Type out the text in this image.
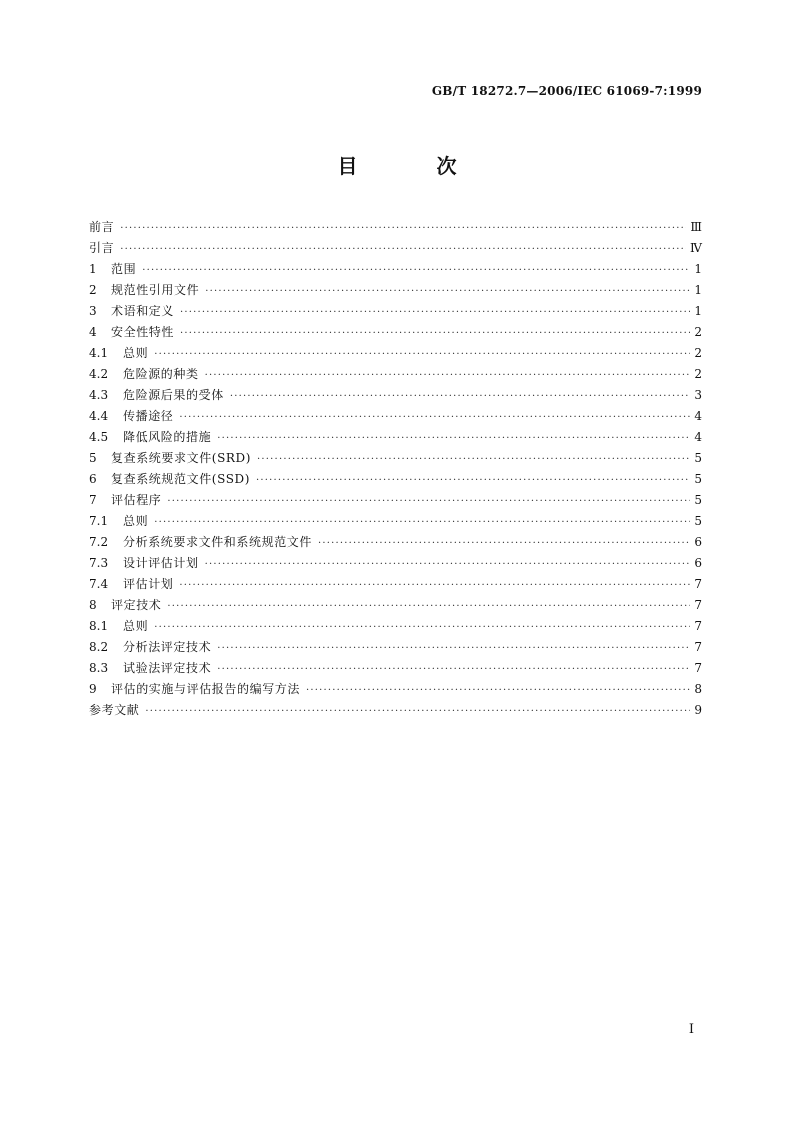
GB/T 18272.7—2006/IEC 61069-7:1999
目 次
前言 ·····	Ⅲ
引言 ·····	Ⅳ
1	范围 ·····	1
2	规范性引用文件 ·····	1
3	术语和定义 ·····	1
4	安全性特性 ·····	2
4.1	总则 ·····	2
4.2	危险源的种类 ·····	2
4.3	危险源后果的受体 ·····	3
4.4	传播途径 ·····	4
4.5	降低风险的措施 ·····	4
5	复查系统要求文件(SRD) ·····	5
6	复查系统规范文件(SSD) ·····	5
7	评估程序 ·····	5
7.1	总则 ·····	5
7.2	分析系统要求文件和系统规范文件 ·····	6
7.3	设计评估计划 ·····	6
7.4	评估计划 ·····	7
8	评定技术 ·····	7
8.1	总则 ·····	7
8.2	分析法评定技术 ·····	7
8.3	试验法评定技术 ·····	7
9	评估的实施与评估报告的编写方法 ·····	8
参考文献 ·····	9
I
